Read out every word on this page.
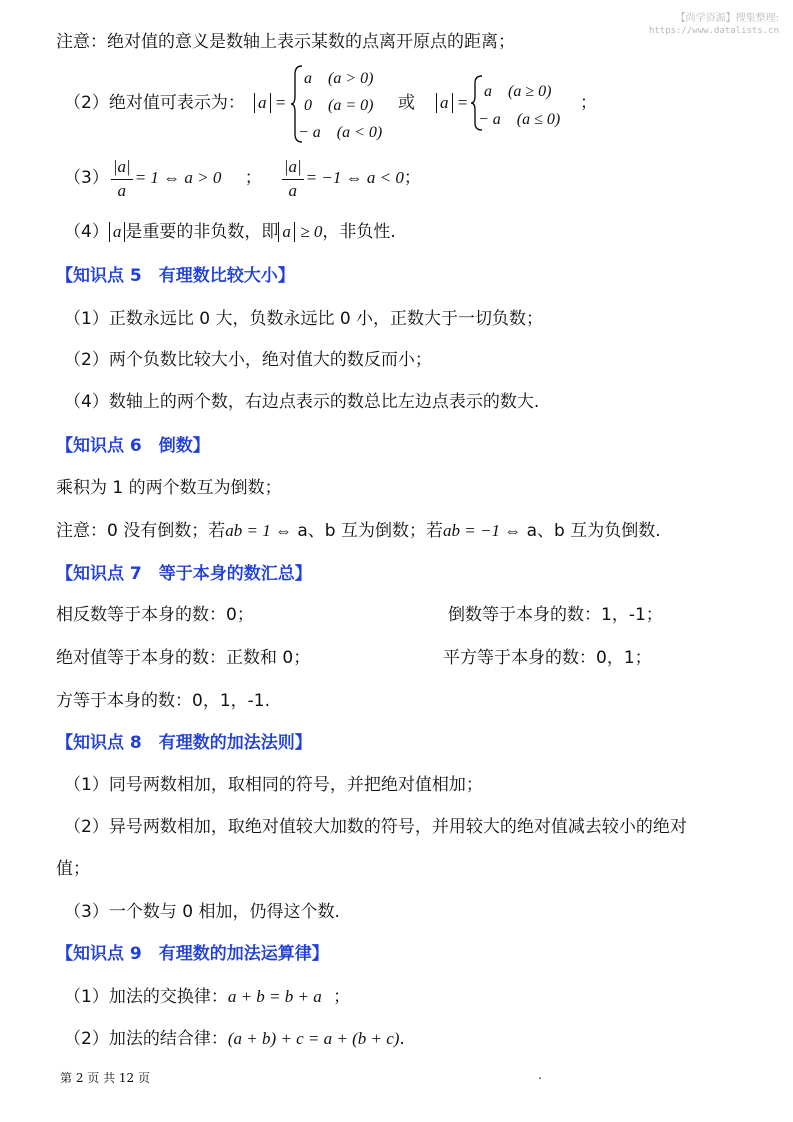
【尚学资源】搜集整理:
https://www.datalists.cn
注意：绝对值的意义是数轴上表示某数的点离开原点的距离；
（2）绝对值可表示为： a =
a　(a > 0)
0　(a = 0)
− a　(a < 0)
或 a =
a　(a ≥ 0)
− a　(a ≤ 0)
；
$(3) \frac{|a|}{a} = 1$ ⇔ a > 0 ； $\frac{|a|}{a} = -1$ ⇔ a < 0；
（4） a 是重要的非负数，即 a ≥ 0，非负性.
【知识点 5　有理数比较大小】
（1）正数永远比 0 大，负数永远比 0 小，正数大于一切负数；
（2）两个负数比较大小，绝对值大的数反而小；
（4）数轴上的两个数，右边点表示的数总比左边点表示的数大.
【知识点 6　倒数】
乘积为 1 的两个数互为倒数；
注意：0 没有倒数；若ab = 1 ⇔ a、b 互为倒数；若ab = −1 ⇔ a、b 互为负倒数.
【知识点 7　等于本身的数汇总】
相反数等于本身的数：0；	倒数等于本身的数：1，-1；
绝对值等于本身的数：正数和 0；	平方等于本身的数：0，1；
方等于本身的数：0，1，-1.
【知识点 8　有理数的加法法则】
（1）同号两数相加，取相同的符号，并把绝对值相加；
（2）异号两数相加，取绝对值较大加数的符号，并用较大的绝对值减去较小的绝对
值；
（3）一个数与 0 相加，仍得这个数.
【知识点 9　有理数的加法运算律】
（1）加法的交换律：a + b = b + a ；
（2）加法的结合律：(a + b) + c = a + (b + c).
第 2 页 共 12 页	.
